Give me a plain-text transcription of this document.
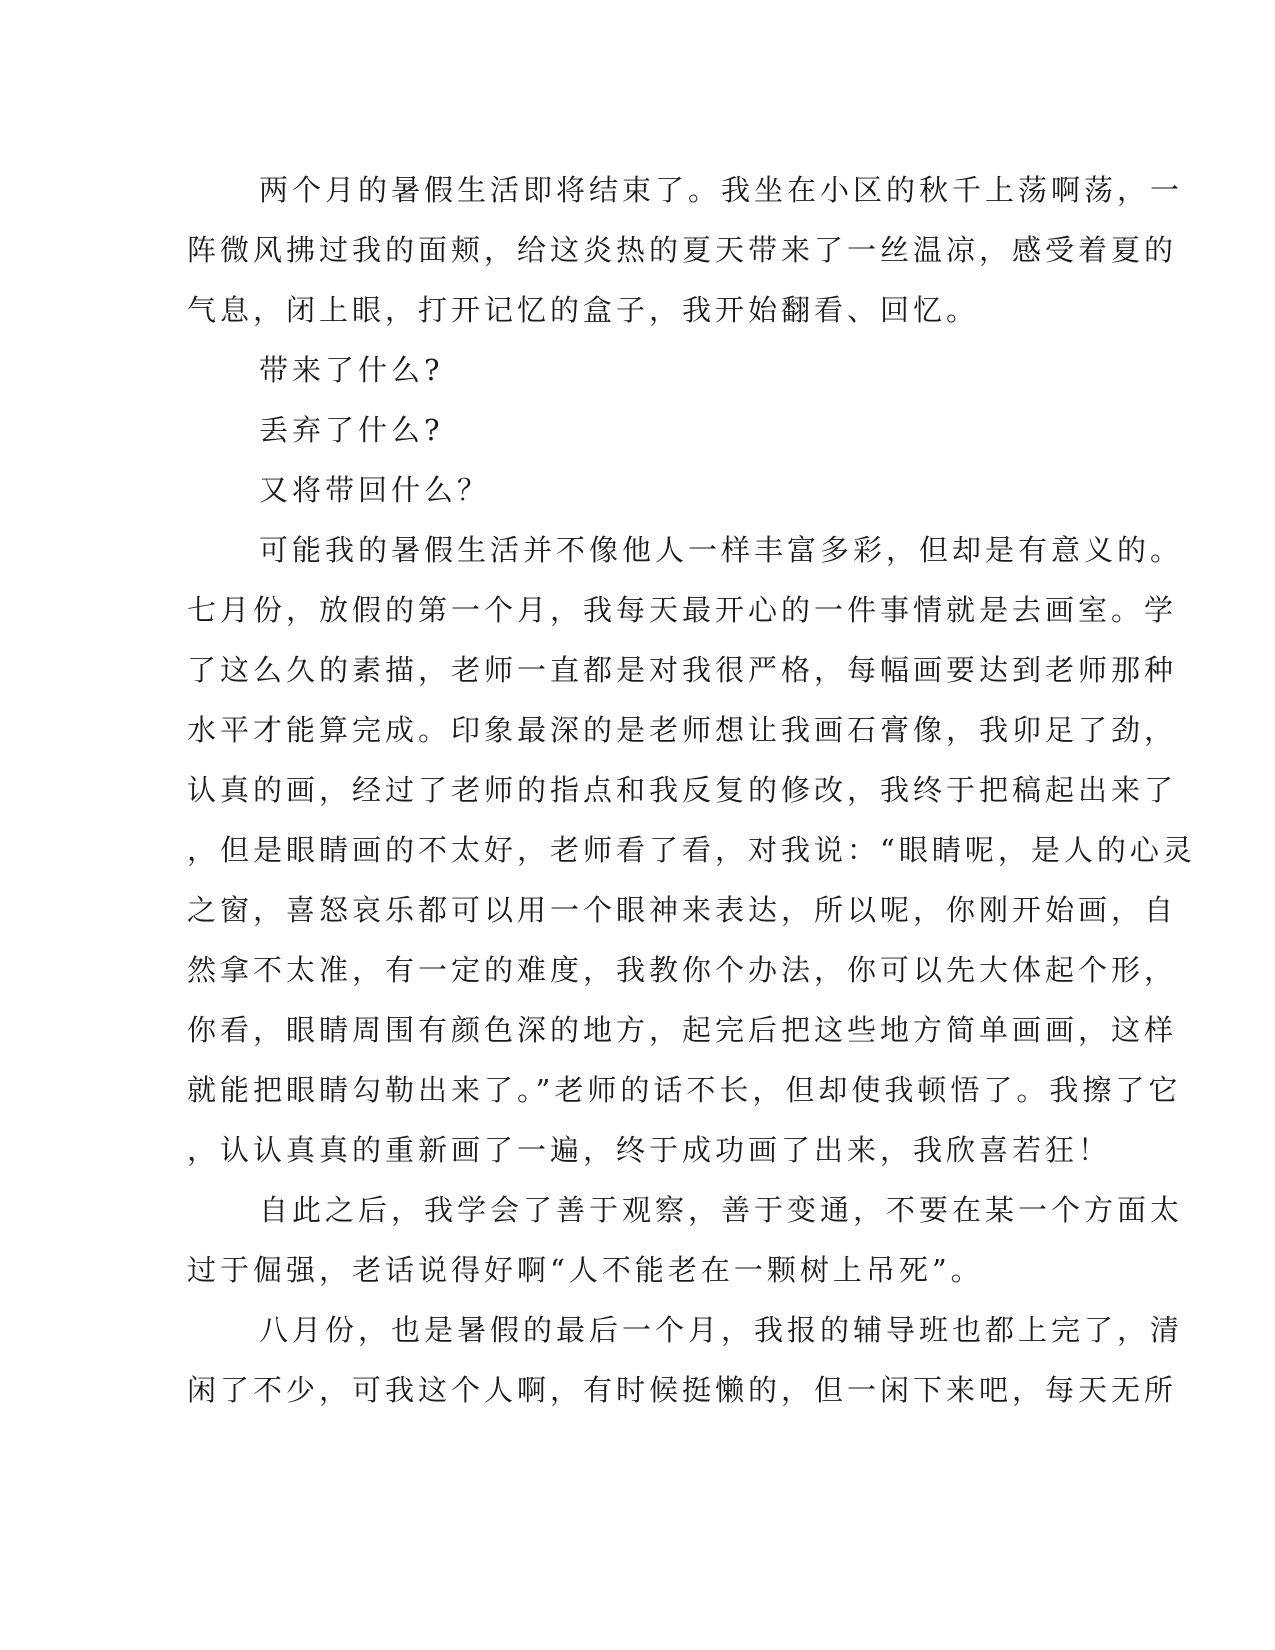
两个月的暑假生活即将结束了。我坐在小区的秋千上荡啊荡，一
阵微风拂过我的面颊，给这炎热的夏天带来了一丝温凉，感受着夏的
气息，闭上眼，打开记忆的盒子，我开始翻看、回忆。
带来了什么?
丢弃了什么?
又将带回什么？
可能我的暑假生活并不像他人一样丰富多彩，但却是有意义的。
七月份，放假的第一个月，我每天最开心的一件事情就是去画室。学
了这么久的素描，老师一直都是对我很严格，每幅画要达到老师那种
水平才能算完成。印象最深的是老师想让我画石膏像，我卯足了劲，
认真的画，经过了老师的指点和我反复的修改，我终于把稿起出来了
，但是眼睛画的不太好，老师看了看，对我说：“眼睛呢，是人的心灵
之窗，喜怒哀乐都可以用一个眼神来表达，所以呢，你刚开始画，自
然拿不太准，有一定的难度，我教你个办法，你可以先大体起个形，
你看，眼睛周围有颜色深的地方，起完后把这些地方简单画画，这样
就能把眼睛勾勒出来了。”老师的话不长，但却使我顿悟了。我擦了它
，认认真真的重新画了一遍，终于成功画了出来，我欣喜若狂！
自此之后，我学会了善于观察，善于变通，不要在某一个方面太
过于倔强，老话说得好啊“人不能老在一颗树上吊死”。
八月份，也是暑假的最后一个月，我报的辅导班也都上完了，清
闲了不少，可我这个人啊，有时候挺懒的，但一闲下来吧，每天无所
